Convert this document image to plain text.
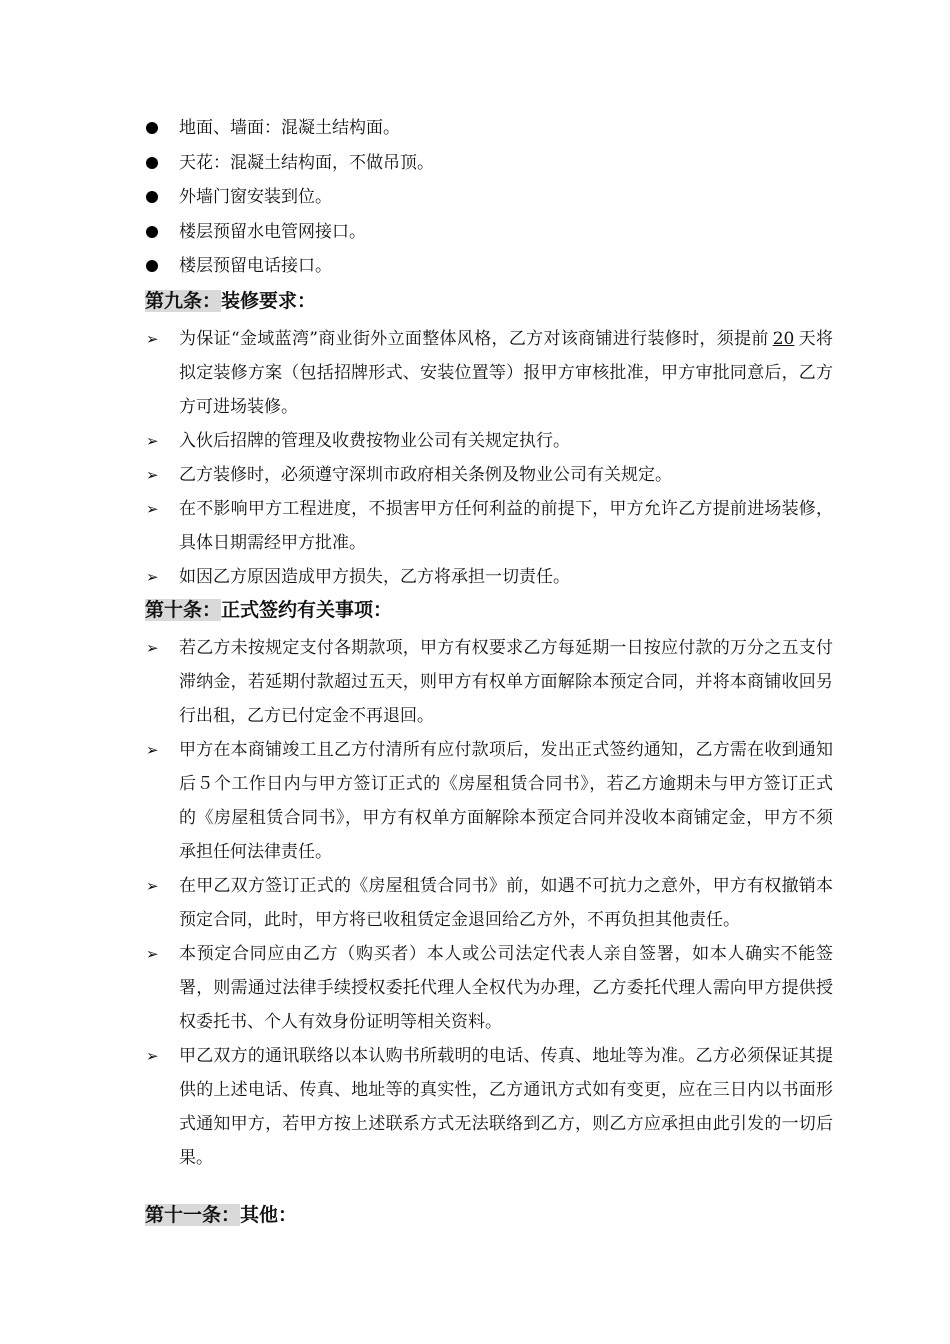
地面、墙面：混凝土结构面。
天花：混凝土结构面，不做吊顶。
外墙门窗安装到位。
楼层预留水电管网接口。
楼层预留电话接口。
第九条：装修要求：
➢ 为保证“金域蓝湾”商业街外立面整体风格，乙方对该商铺进行装修时，须提前 20 天将拟定装修方案（包括招牌形式、安装位置等）报甲方审核批准，甲方审批同意后，乙方方可进场装修。
➢ 入伙后招牌的管理及收费按物业公司有关规定执行。
➢ 乙方装修时，必须遵守深圳市政府相关条例及物业公司有关规定。
➢ 在不影响甲方工程进度，不损害甲方任何利益的前提下，甲方允许乙方提前进场装修，具体日期需经甲方批准。
➢ 如因乙方原因造成甲方损失，乙方将承担一切责任。
第十条：正式签约有关事项：
➢ 若乙方未按规定支付各期款项，甲方有权要求乙方每延期一日按应付款的万分之五支付滞纳金，若延期付款超过五天，则甲方有权单方面解除本预定合同，并将本商铺收回另行出租，乙方已付定金不再退回。
➢ 甲方在本商铺竣工且乙方付清所有应付款项后，发出正式签约通知，乙方需在收到通知后５个工作日内与甲方签订正式的《房屋租赁合同书》，若乙方逾期未与甲方签订正式的《房屋租赁合同书》，甲方有权单方面解除本预定合同并没收本商铺定金，甲方不须承担任何法律责任。
➢ 在甲乙双方签订正式的《房屋租赁合同书》前，如遇不可抗力之意外，甲方有权撤销本预定合同，此时，甲方将已收租赁定金退回给乙方外，不再负担其他责任。
➢ 本预定合同应由乙方（购买者）本人或公司法定代表人亲自签署，如本人确实不能签署，则需通过法律手续授权委托代理人全权代为办理，乙方委托代理人需向甲方提供授权委托书、个人有效身份证明等相关资料。
➢ 甲乙双方的通讯联络以本认购书所载明的电话、传真、地址等为准。乙方必须保证其提供的上述电话、传真、地址等的真实性，乙方通讯方式如有变更，应在三日内以书面形式通知甲方，若甲方按上述联系方式无法联络到乙方，则乙方应承担由此引发的一切后果。
第十一条：其他：
